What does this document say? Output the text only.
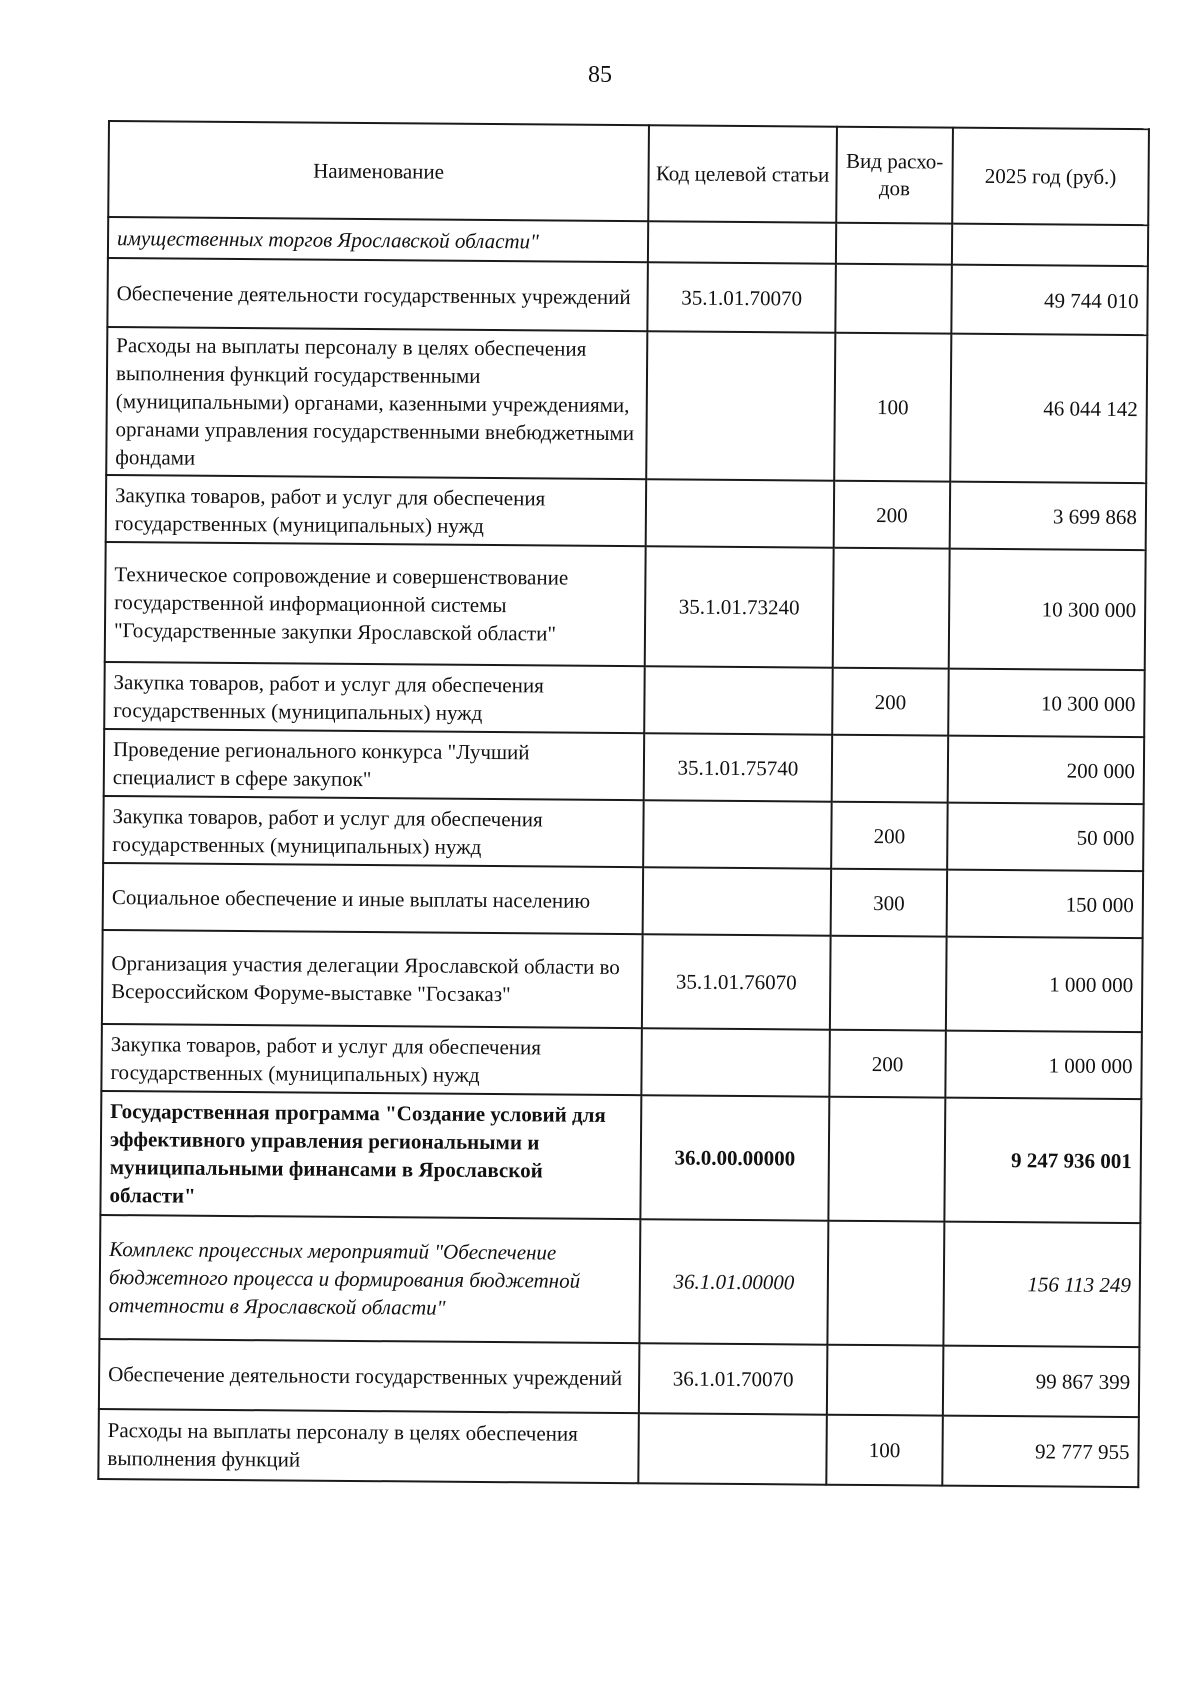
85
Наименование	Код целевой статьи	Вид расхо-дов	2025 год (руб.)
имущественных торгов Ярославской области"			
Обеспечение деятельности государственных учреждений	35.1.01.70070		49 744 010
Расходы на выплаты персоналу в целях обеспечения выполнения функций государственными (муниципальными) органами, казенными учреждениями, органами управления государственными внебюджетными фондами		100	46 044 142
Закупка товаров, работ и услуг для обеспечения государственных (муниципальных) нужд		200	3 699 868
Техническое сопровождение и совершенствование государственной информационной системы "Государственные закупки Ярославской области"	35.1.01.73240		10 300 000
Закупка товаров, работ и услуг для обеспечения государственных (муниципальных) нужд		200	10 300 000
Проведение регионального конкурса "Лучший специалист в сфере закупок"	35.1.01.75740		200 000
Закупка товаров, работ и услуг для обеспечения государственных (муниципальных) нужд		200	50 000
Социальное обеспечение и иные выплаты населению		300	150 000
Организация участия делегации Ярославской области во Всероссийском Форуме-выставке "Госзаказ"	35.1.01.76070		1 000 000
Закупка товаров, работ и услуг для обеспечения государственных (муниципальных) нужд		200	1 000 000
Государственная программа "Создание условий для эффективного управления региональными и муниципальными финансами в Ярославской области"	36.0.00.00000		9 247 936 001
Комплекс процессных мероприятий "Обеспечение бюджетного процесса и формирования бюджетной отчетности в Ярославской области"	36.1.01.00000		156 113 249
Обеспечение деятельности государственных учреждений	36.1.01.70070		99 867 399
Расходы на выплаты персоналу в целях обеспечения выполнения функций		100	92 777 955
